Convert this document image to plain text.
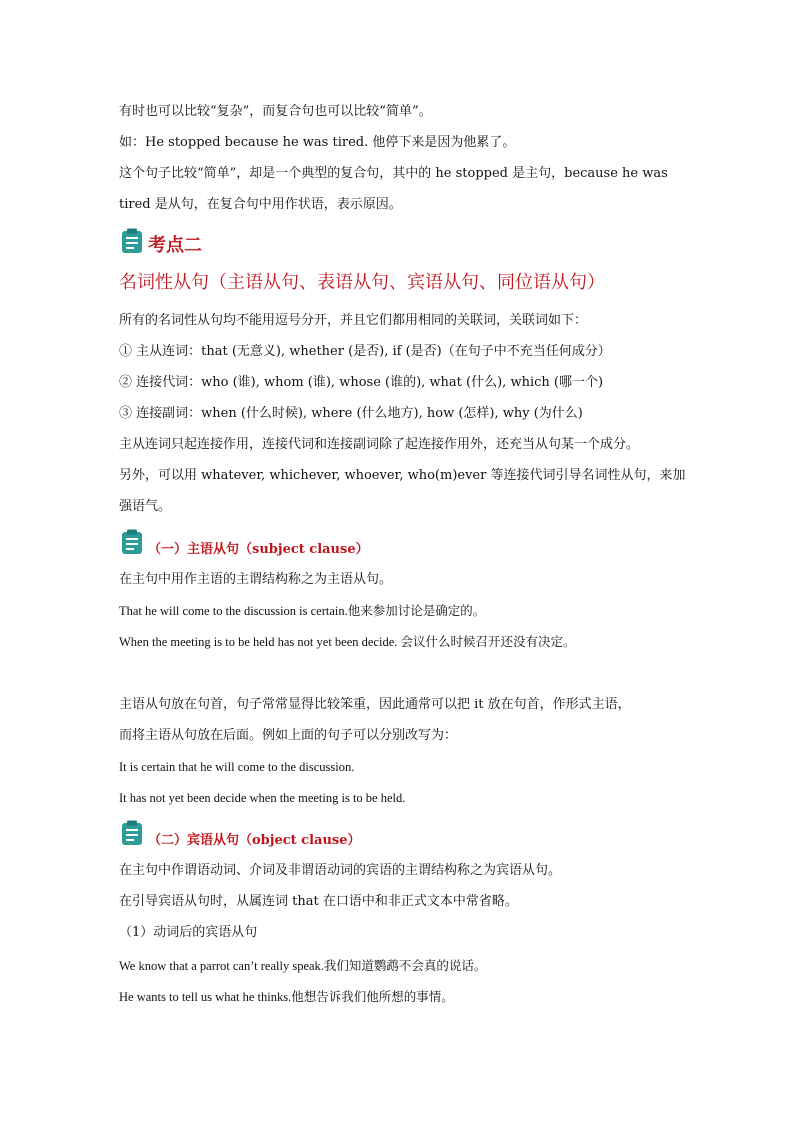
有时也可以比较“复杂”，而复合句也可以比较“简单”。
如：He stopped because he was tired. 他停下来是因为他累了。
这个句子比较“简单”，却是一个典型的复合句，其中的 he stopped 是主句，because he was
tired 是从句，在复合句中用作状语，表示原因。
考点二
名词性从句（主语从句、表语从句、宾语从句、同位语从句）
所有的名词性从句均不能用逗号分开，并且它们都用相同的关联词，关联词如下：
① 主从连词：that (无意义), whether (是否), if (是否)（在句子中不充当任何成分）
② 连接代词：who (谁), whom (谁), whose (谁的), what (什么), which (哪一个)
③ 连接副词：when (什么时候), where (什么地方), how (怎样), why (为什么)
主从连词只起连接作用，连接代词和连接副词除了起连接作用外，还充当从句某一个成分。
另外，可以用 whatever, whichever, whoever, who(m)ever 等连接代词引导名词性从句，来加
强语气。
（一）主语从句（subject clause）
在主句中用作主语的主谓结构称之为主语从句。
That he will come to the discussion is certain.他来参加讨论是确定的。
When the meeting is to be held has not yet been decide. 会议什么时候召开还没有决定。
主语从句放在句首，句子常常显得比较笨重，因此通常可以把 it 放在句首，作形式主语，
而将主语从句放在后面。例如上面的句子可以分别改写为：
It is certain that he will come to the discussion.
It has not yet been decide when the meeting is to be held.
（二）宾语从句（object clause）
在主句中作谓语动词、介词及非谓语动词的宾语的主谓结构称之为宾语从句。
在引导宾语从句时，从属连词 that 在口语中和非正式文本中常省略。
（1）动词后的宾语从句
We know that a parrot can’t really speak.我们知道鹦鹉不会真的说话。
He wants to tell us what he thinks.他想告诉我们他所想的事情。
